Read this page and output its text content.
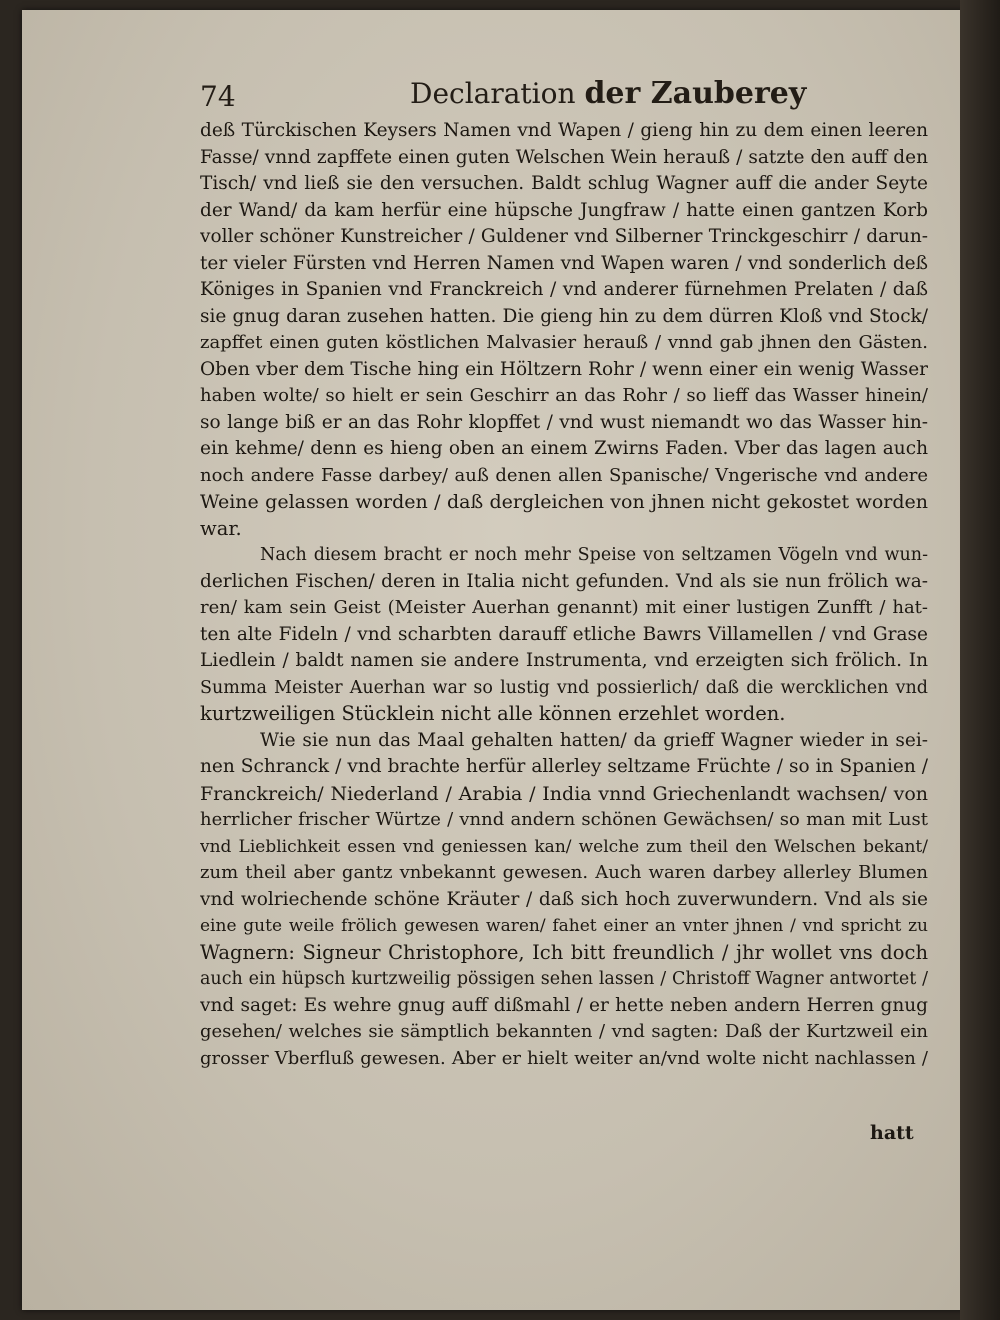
74	Declaration der Zauberey
deß Türckischen Keysers Namen vnd Wapen / gieng hin zu dem einen leeren
Fasse/ vnnd zapffete einen guten Welschen Wein herauß / satzte den auff den
Tisch/ vnd ließ sie den versuchen. Baldt schlug Wagner auff die ander Seyte
der Wand/ da kam herfür eine hüpsche Jungfraw / hatte einen gantzen Korb
voller schöner Kunstreicher / Guldener vnd Silberner Trinckgeschirr / darun-
ter vieler Fürsten vnd Herren Namen vnd Wapen waren / vnd sonderlich deß
Königes in Spanien vnd Franckreich / vnd anderer fürnehmen Prelaten / daß
sie gnug daran zusehen hatten. Die gieng hin zu dem dürren Kloß vnd Stock/
zapffet einen guten köstlichen Malvasier herauß / vnnd gab jhnen den Gästen.
Oben vber dem Tische hing ein Höltzern Rohr / wenn einer ein wenig Wasser
haben wolte/ so hielt er sein Geschirr an das Rohr / so lieff das Wasser hinein/
so lange biß er an das Rohr klopffet / vnd wust niemandt wo das Wasser hin-
ein kehme/ denn es hieng oben an einem Zwirns Faden. Vber das lagen auch
noch andere Fasse darbey/ auß denen allen Spanische/ Vngerische vnd andere
Weine gelassen worden / daß dergleichen von jhnen nicht gekostet worden
war.
Nach diesem bracht er noch mehr Speise von seltzamen Vögeln vnd wun-
derlichen Fischen/ deren in Italia nicht gefunden. Vnd als sie nun frölich wa-
ren/ kam sein Geist (Meister Auerhan genannt) mit einer lustigen Zunfft / hat-
ten alte Fideln / vnd scharbten darauff etliche Bawrs Villamellen / vnd Grase
Liedlein / baldt namen sie andere Instrumenta, vnd erzeigten sich frölich. In
Summa Meister Auerhan war so lustig vnd possierlich/ daß die wercklichen vnd
kurtzweiligen Stücklein nicht alle können erzehlet worden.
Wie sie nun das Maal gehalten hatten/ da grieff Wagner wieder in sei-
nen Schranck / vnd brachte herfür allerley seltzame Früchte / so in Spanien /
Franckreich/ Niederland / Arabia / India vnnd Griechenlandt wachsen/ von
herrlicher frischer Würtze / vnnd andern schönen Gewächsen/ so man mit Lust
vnd Lieblichkeit essen vnd geniessen kan/ welche zum theil den Welschen bekant/
zum theil aber gantz vnbekannt gewesen. Auch waren darbey allerley Blumen
vnd wolriechende schöne Kräuter / daß sich hoch zuverwundern. Vnd als sie
eine gute weile frölich gewesen waren/ fahet einer an vnter jhnen / vnd spricht zu
Wagnern: Signeur Christophore, Ich bitt freundlich / jhr wollet vns doch
auch ein hüpsch kurtzweilig pössigen sehen lassen / Christoff Wagner antwortet /
vnd saget: Es wehre gnug auff dißmahl / er hette neben andern Herren gnug
gesehen/ welches sie sämptlich bekannten / vnd sagten: Daß der Kurtzweil ein
grosser Vberfluß gewesen. Aber er hielt weiter an/vnd wolte nicht nachlassen /
hatt
